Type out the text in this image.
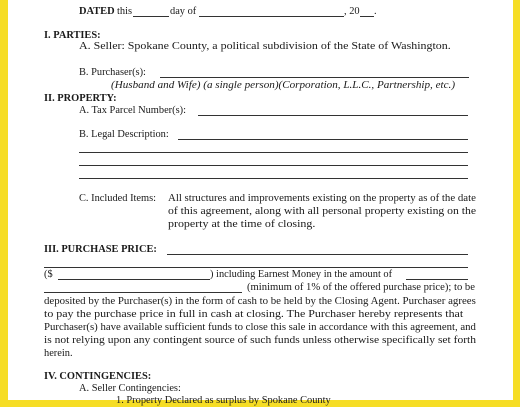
DATED this	day of	, 20 .
I. PARTIES:
A. Seller: Spokane County, a political subdivision of the State of Washington.
B. Purchaser(s):
(Husband and Wife) (a single person)(Corporation, L.L.C., Partnership, etc.)
II. PROPERTY:
A. Tax Parcel Number(s):
B. Legal Description:
C. Included Items: All structures and improvements existing on the property as of the date
of this agreement, along with all personal property existing on the
property at the time of closing.
III. PURCHASE PRICE:
($	) including Earnest Money in the amount of
(minimum of 1% of the offered purchase price); to be
deposited by the Purchaser(s) in the form of cash to be held by the Closing Agent. Purchaser agrees
to pay the purchase price in full in cash at closing. The Purchaser hereby represents that
Purchaser(s) have available sufficient funds to close this sale in accordance with this agreement, and
is not relying upon any contingent source of such funds unless otherwise specifically set forth
herein.
IV. CONTINGENCIES:
A. Seller Contingencies:
1. Property Declared as surplus by Spokane County
